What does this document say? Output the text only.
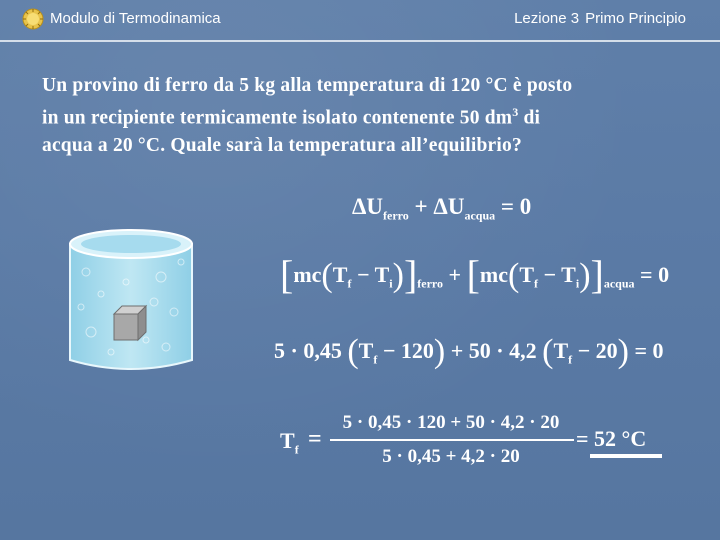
Modulo di Termodinamica	Lezione 3 Primo Principio
Un provino di ferro da 5 kg alla temperatura di 120 °C è posto
in un recipiente termicamente isolato contenente 50 $dm^3$ di
acqua a 20 °C. Quale sarà la temperatura all’equilibrio?
$\Delta U_{ferro} + \Delta U_{acqua} = 0$
$[mc(T_f - T_i)]_{ferro} + [mc(T_f - T_i)]_{acqua} = 0$
5 · 0,45 $(T_f - 120) + 50 \cdot 4,2$ $(T_f - 20) = 0$
$T_f$ =
5 · 0,45 · 120 + 50 · 4,2 · 20
5 · 0,45 + 4,2 · 20
= 52 °C
